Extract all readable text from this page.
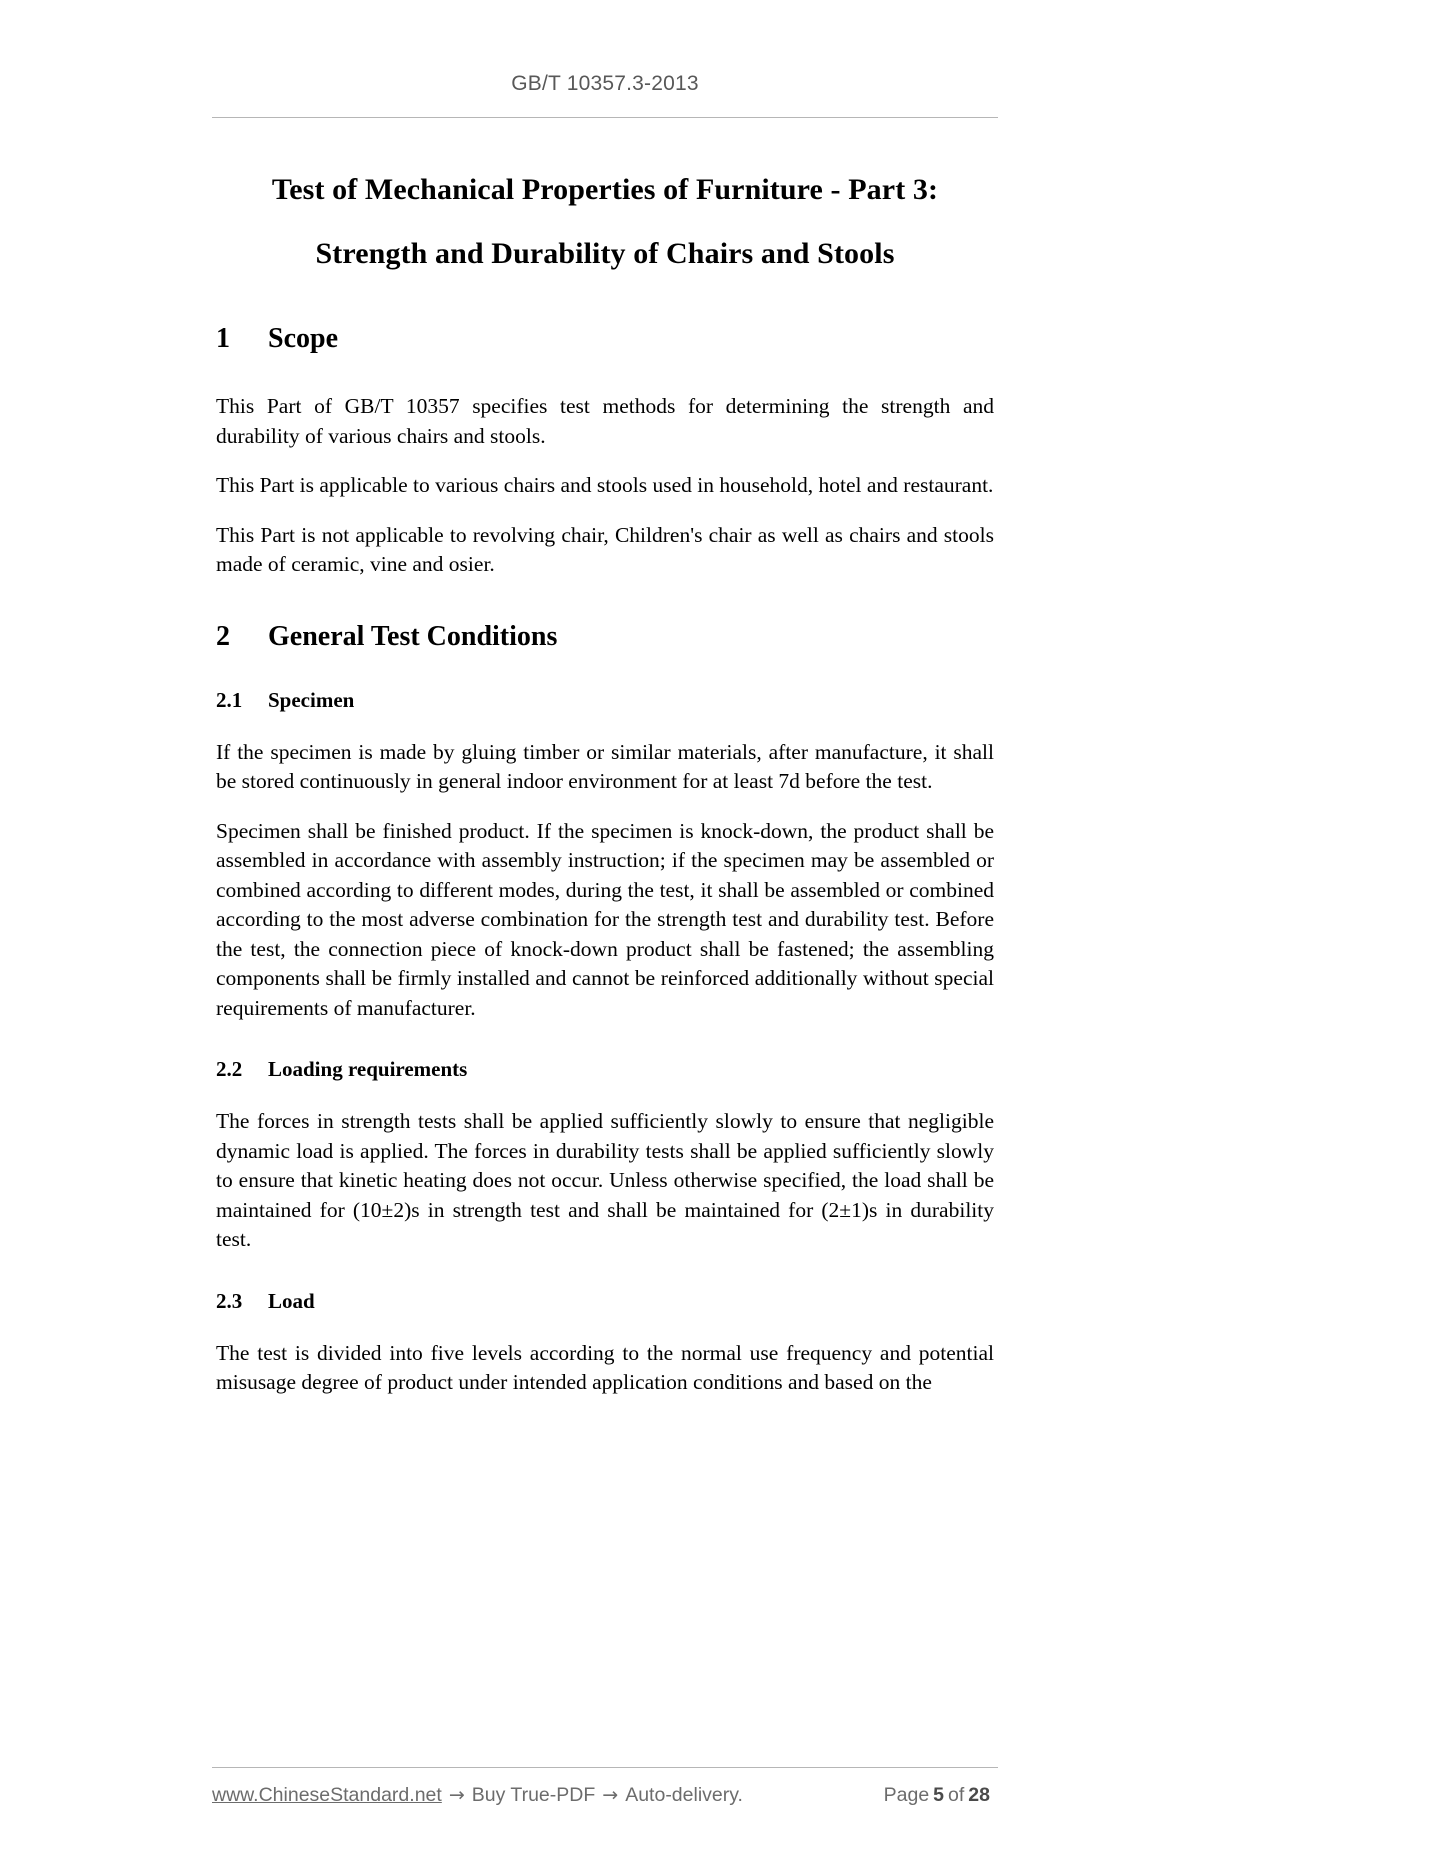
GB/T 10357.3-2013
Test of Mechanical Properties of Furniture - Part 3:
Strength and Durability of Chairs and Stools
1	Scope

This Part of GB/T 10357 specifies test methods for determining the strength and durability of various chairs and stools.

This Part is applicable to various chairs and stools used in household, hotel and restaurant.

This Part is not applicable to revolving chair, Children's chair as well as chairs and stools made of ceramic, vine and osier.

2	General Test Conditions
2.1	Specimen

If the specimen is made by gluing timber or similar materials, after manufacture, it shall be stored continuously in general indoor environment for at least 7d before the test.

Specimen shall be finished product. If the specimen is knock-down, the product shall be assembled in accordance with assembly instruction; if the specimen may be assembled or combined according to different modes, during the test, it shall be assembled or combined according to the most adverse combination for the strength test and durability test. Before the test, the connection piece of knock-down product shall be fastened; the assembling components shall be firmly installed and cannot be reinforced additionally without special requirements of manufacturer.

2.2	Loading requirements

The forces in strength tests shall be applied sufficiently slowly to ensure that negligible dynamic load is applied. The forces in durability tests shall be applied sufficiently slowly to ensure that kinetic heating does not occur. Unless otherwise specified, the load shall be maintained for (10±2)s in strength test and shall be maintained for (2±1)s in durability test.

2.3	Load

The test is divided into five levels according to the normal use frequency and potential misusage degree of product under intended application conditions and based on the

www.ChineseStandard.net → Buy True-PDF → Auto-delivery.	Page 5 of 28
